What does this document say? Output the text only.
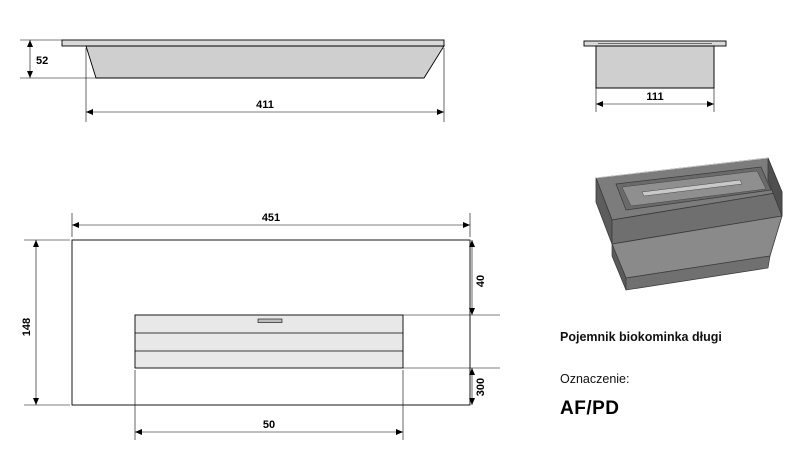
52
411
111
451
148
40
300
50
Pojemnik biokominka długi
Oznaczenie:
AF/PD
